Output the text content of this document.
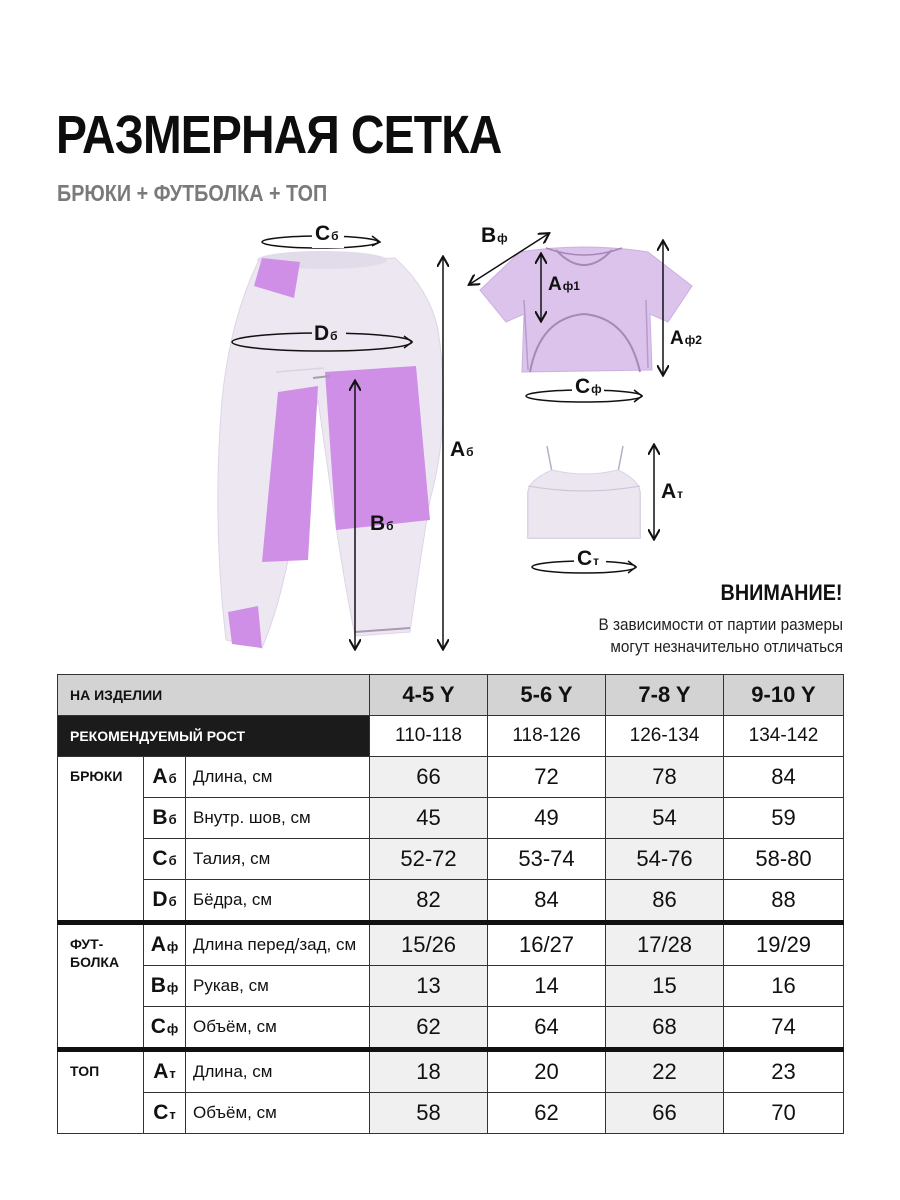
РАЗМЕРНАЯ СЕТКА
БРЮКИ + ФУТБОЛКА + ТОП
Сб
Dб
Аб
Вб
Вф
Аф1
Аф2
Сф
Ат
Ст
ВНИМАНИЕ!
В зависимости от партии размеры
могут незначительно отличаться
НА ИЗДЕЛИИ			4-5 Y	5-6 Y	7-8 Y	9-10 Y
РЕКОМЕНДУЕМЫЙ РОСТ			110-118	118-126	126-134	134-142
БРЮКИ	Аб	Длина, см	66	72	78	84
	Вб	Внутр. шов, см	45	49	54	59
	Сб	Талия, см	52-72	53-74	54-76	58-80
	Dб	Бёдра, см	82	84	86	88
ФУТ-
БОЛКА	Аф	Длина перед/зад, см	15/26	16/27	17/28	19/29
	Вф	Рукав, см	13	14	15	16
	Сф	Объём, см	62	64	68	74
ТОП	Ат	Длина, см	18	20	22	23
	Ст	Объём, см	58	62	66	70
